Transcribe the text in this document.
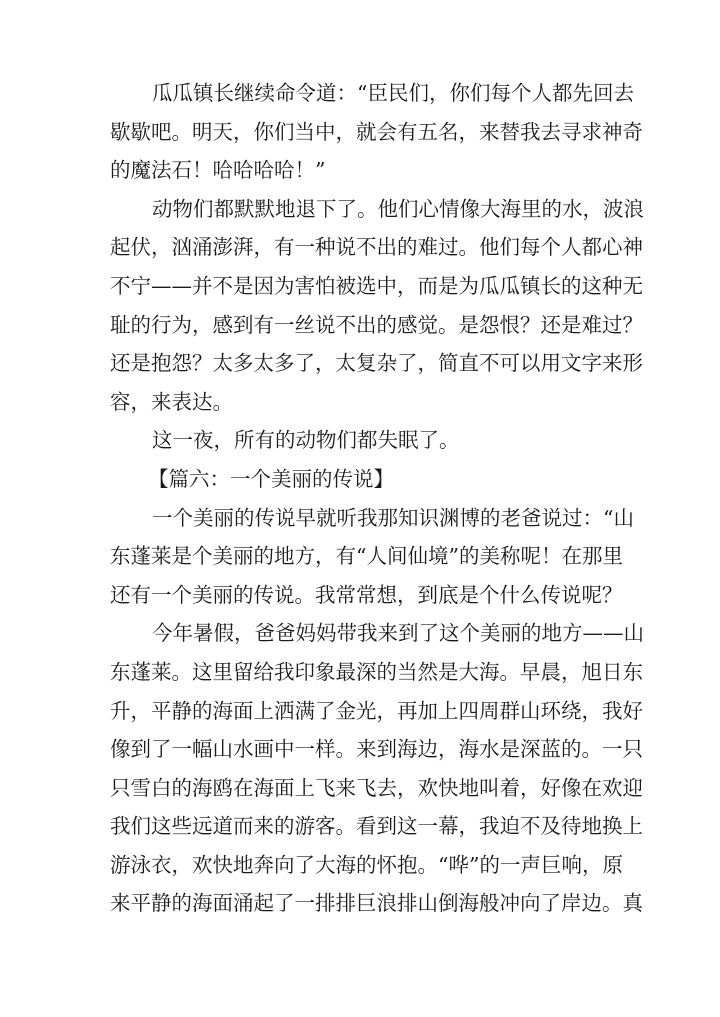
瓜瓜镇长继续命令道：“臣民们，你们每个人都先回去
歇歇吧。明天，你们当中，就会有五名，来替我去寻求神奇
的魔法石！哈哈哈哈！”
动物们都默默地退下了。他们心情像大海里的水，波浪
起伏，汹涌澎湃，有一种说不出的难过。他们每个人都心神
不宁——并不是因为害怕被选中，而是为瓜瓜镇长的这种无
耻的行为，感到有一丝说不出的感觉。是怨恨？还是难过？
还是抱怨？太多太多了，太复杂了，简直不可以用文字来形
容，来表达。
这一夜，所有的动物们都失眠了。
【篇六：一个美丽的传说】
一个美丽的传说早就听我那知识渊博的老爸说过：“山
东蓬莱是个美丽的地方，有“人间仙境”的美称呢！在那里
还有一个美丽的传说。我常常想，到底是个什么传说呢？
今年暑假，爸爸妈妈带我来到了这个美丽的地方——山
东蓬莱。这里留给我印象最深的当然是大海。早晨，旭日东
升，平静的海面上洒满了金光，再加上四周群山环绕，我好
像到了一幅山水画中一样。来到海边，海水是深蓝的。一只
只雪白的海鸥在海面上飞来飞去，欢快地叫着，好像在欢迎
我们这些远道而来的游客。看到这一幕，我迫不及待地换上
游泳衣，欢快地奔向了大海的怀抱。“哗”的一声巨响，原
来平静的海面涌起了一排排巨浪排山倒海般冲向了岸边。真
